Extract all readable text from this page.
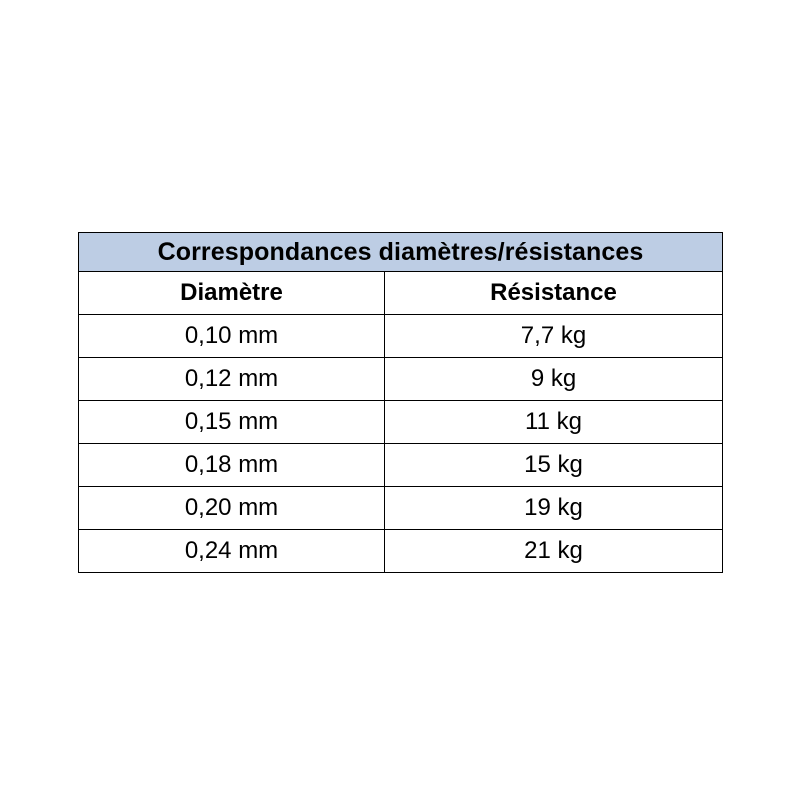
Correspondances diamètres/résistances	
Diamètre	Résistance
0,10 mm	7,7 kg
0,12 mm	9 kg
0,15 mm	11 kg
0,18 mm	15 kg
0,20 mm	19 kg
0,24 mm	21 kg
